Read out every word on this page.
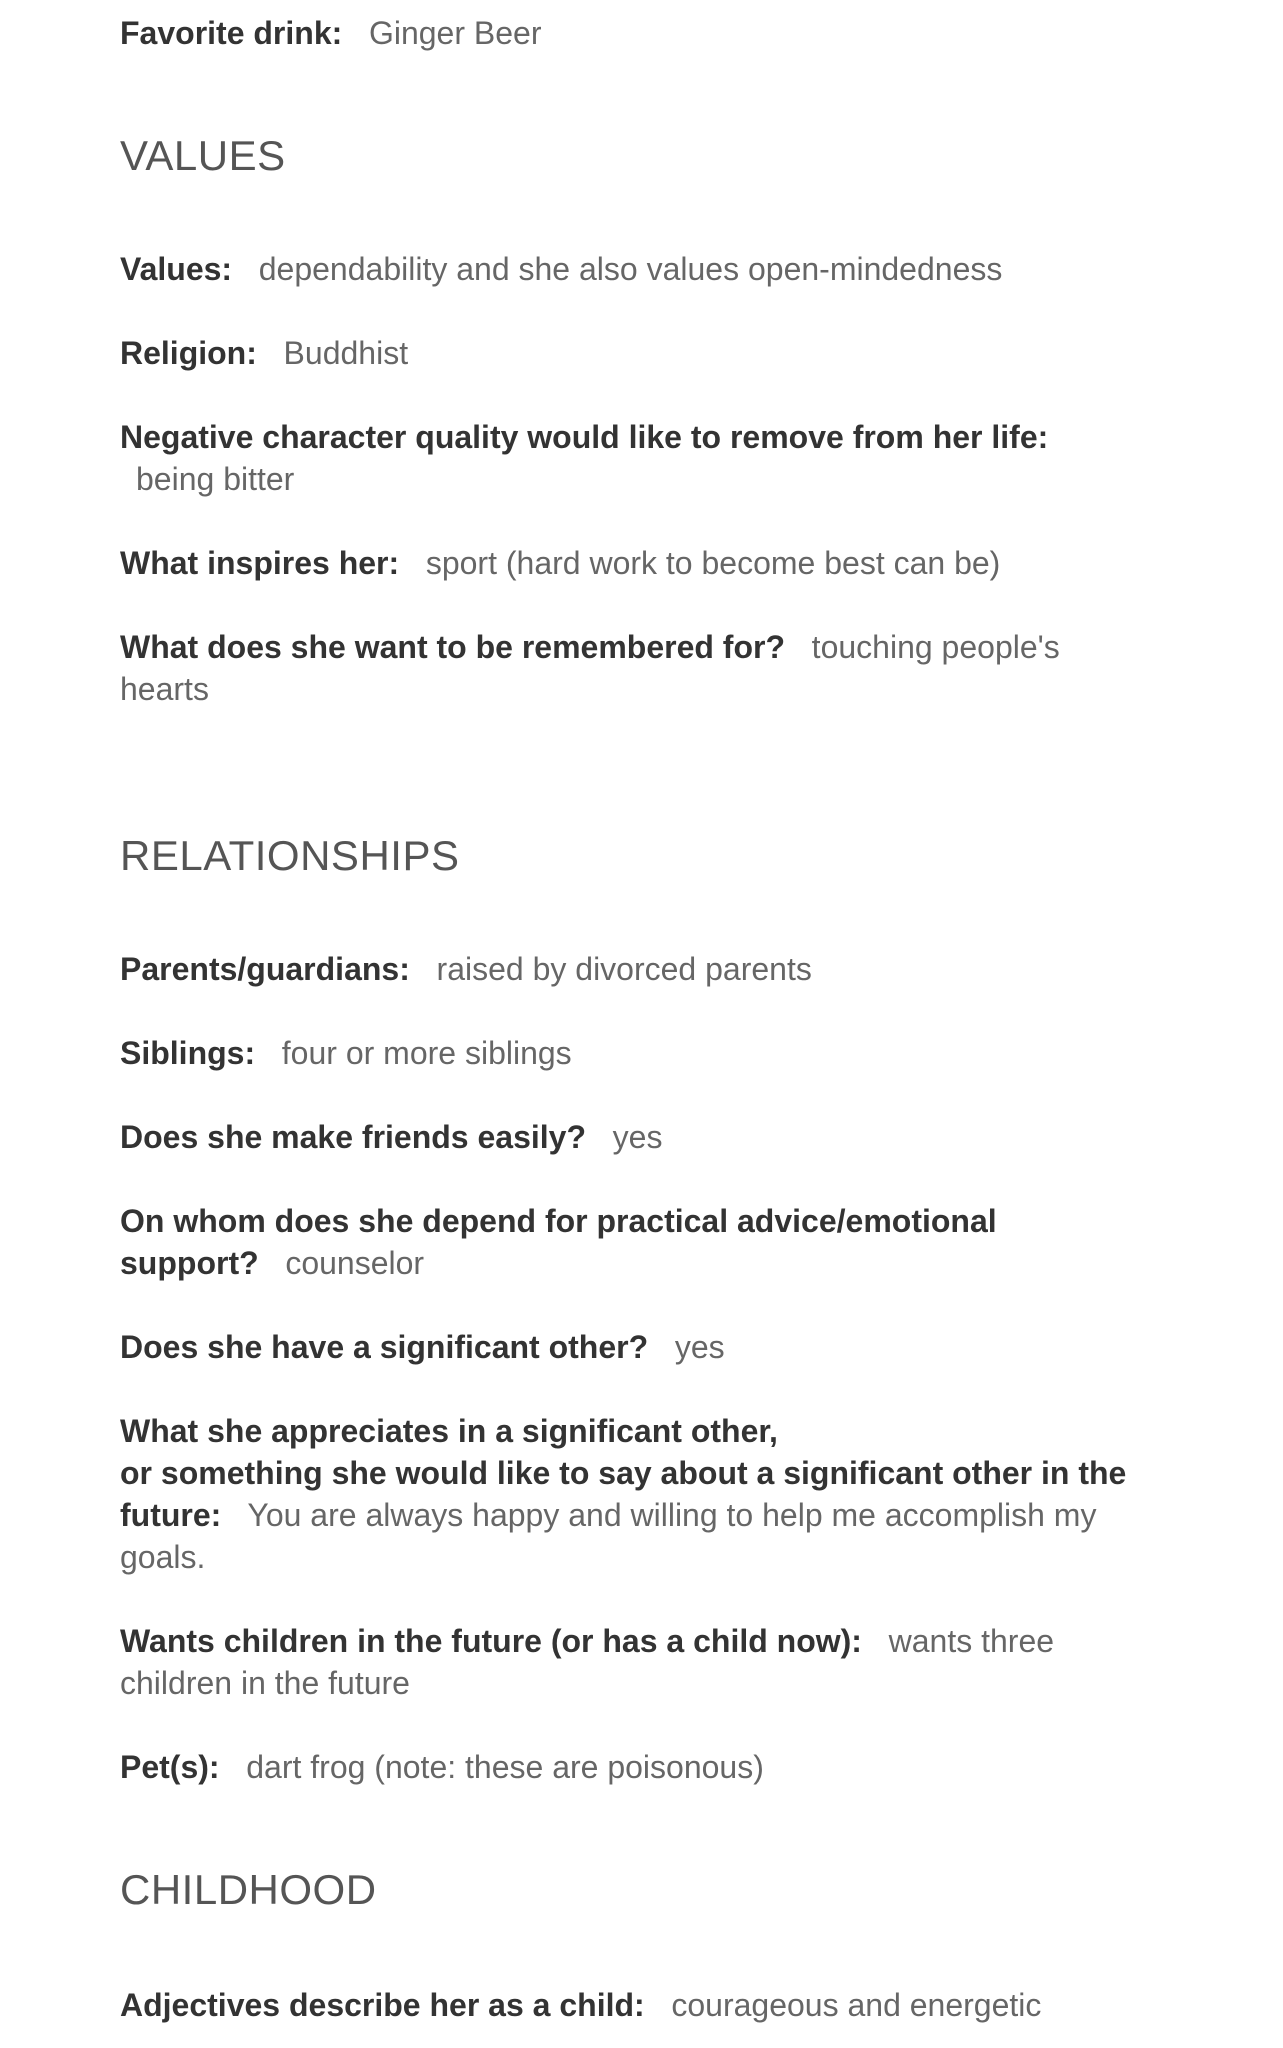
Favorite drink: Ginger Beer

VALUES

Values: dependability and she also values open-mindedness

Religion: Buddhist

Negative character quality would like to remove from her life:
being bitter

What inspires her: sport (hard work to become best can be)

What does she want to be remembered for? touching people's hearts

RELATIONSHIPS

Parents/guardians: raised by divorced parents

Siblings: four or more siblings

Does she make friends easily? yes

On whom does she depend for practical advice/emotional
support? counselor

Does she have a significant other? yes

What she appreciates in a significant other,
or something she would like to say about a significant other in the
future: You are always happy and willing to help me accomplish my goals.

Wants children in the future (or has a child now): wants three children in the future

Pet(s): dart frog (note: these are poisonous)

CHILDHOOD

Adjectives describe her as a child: courageous and energetic
